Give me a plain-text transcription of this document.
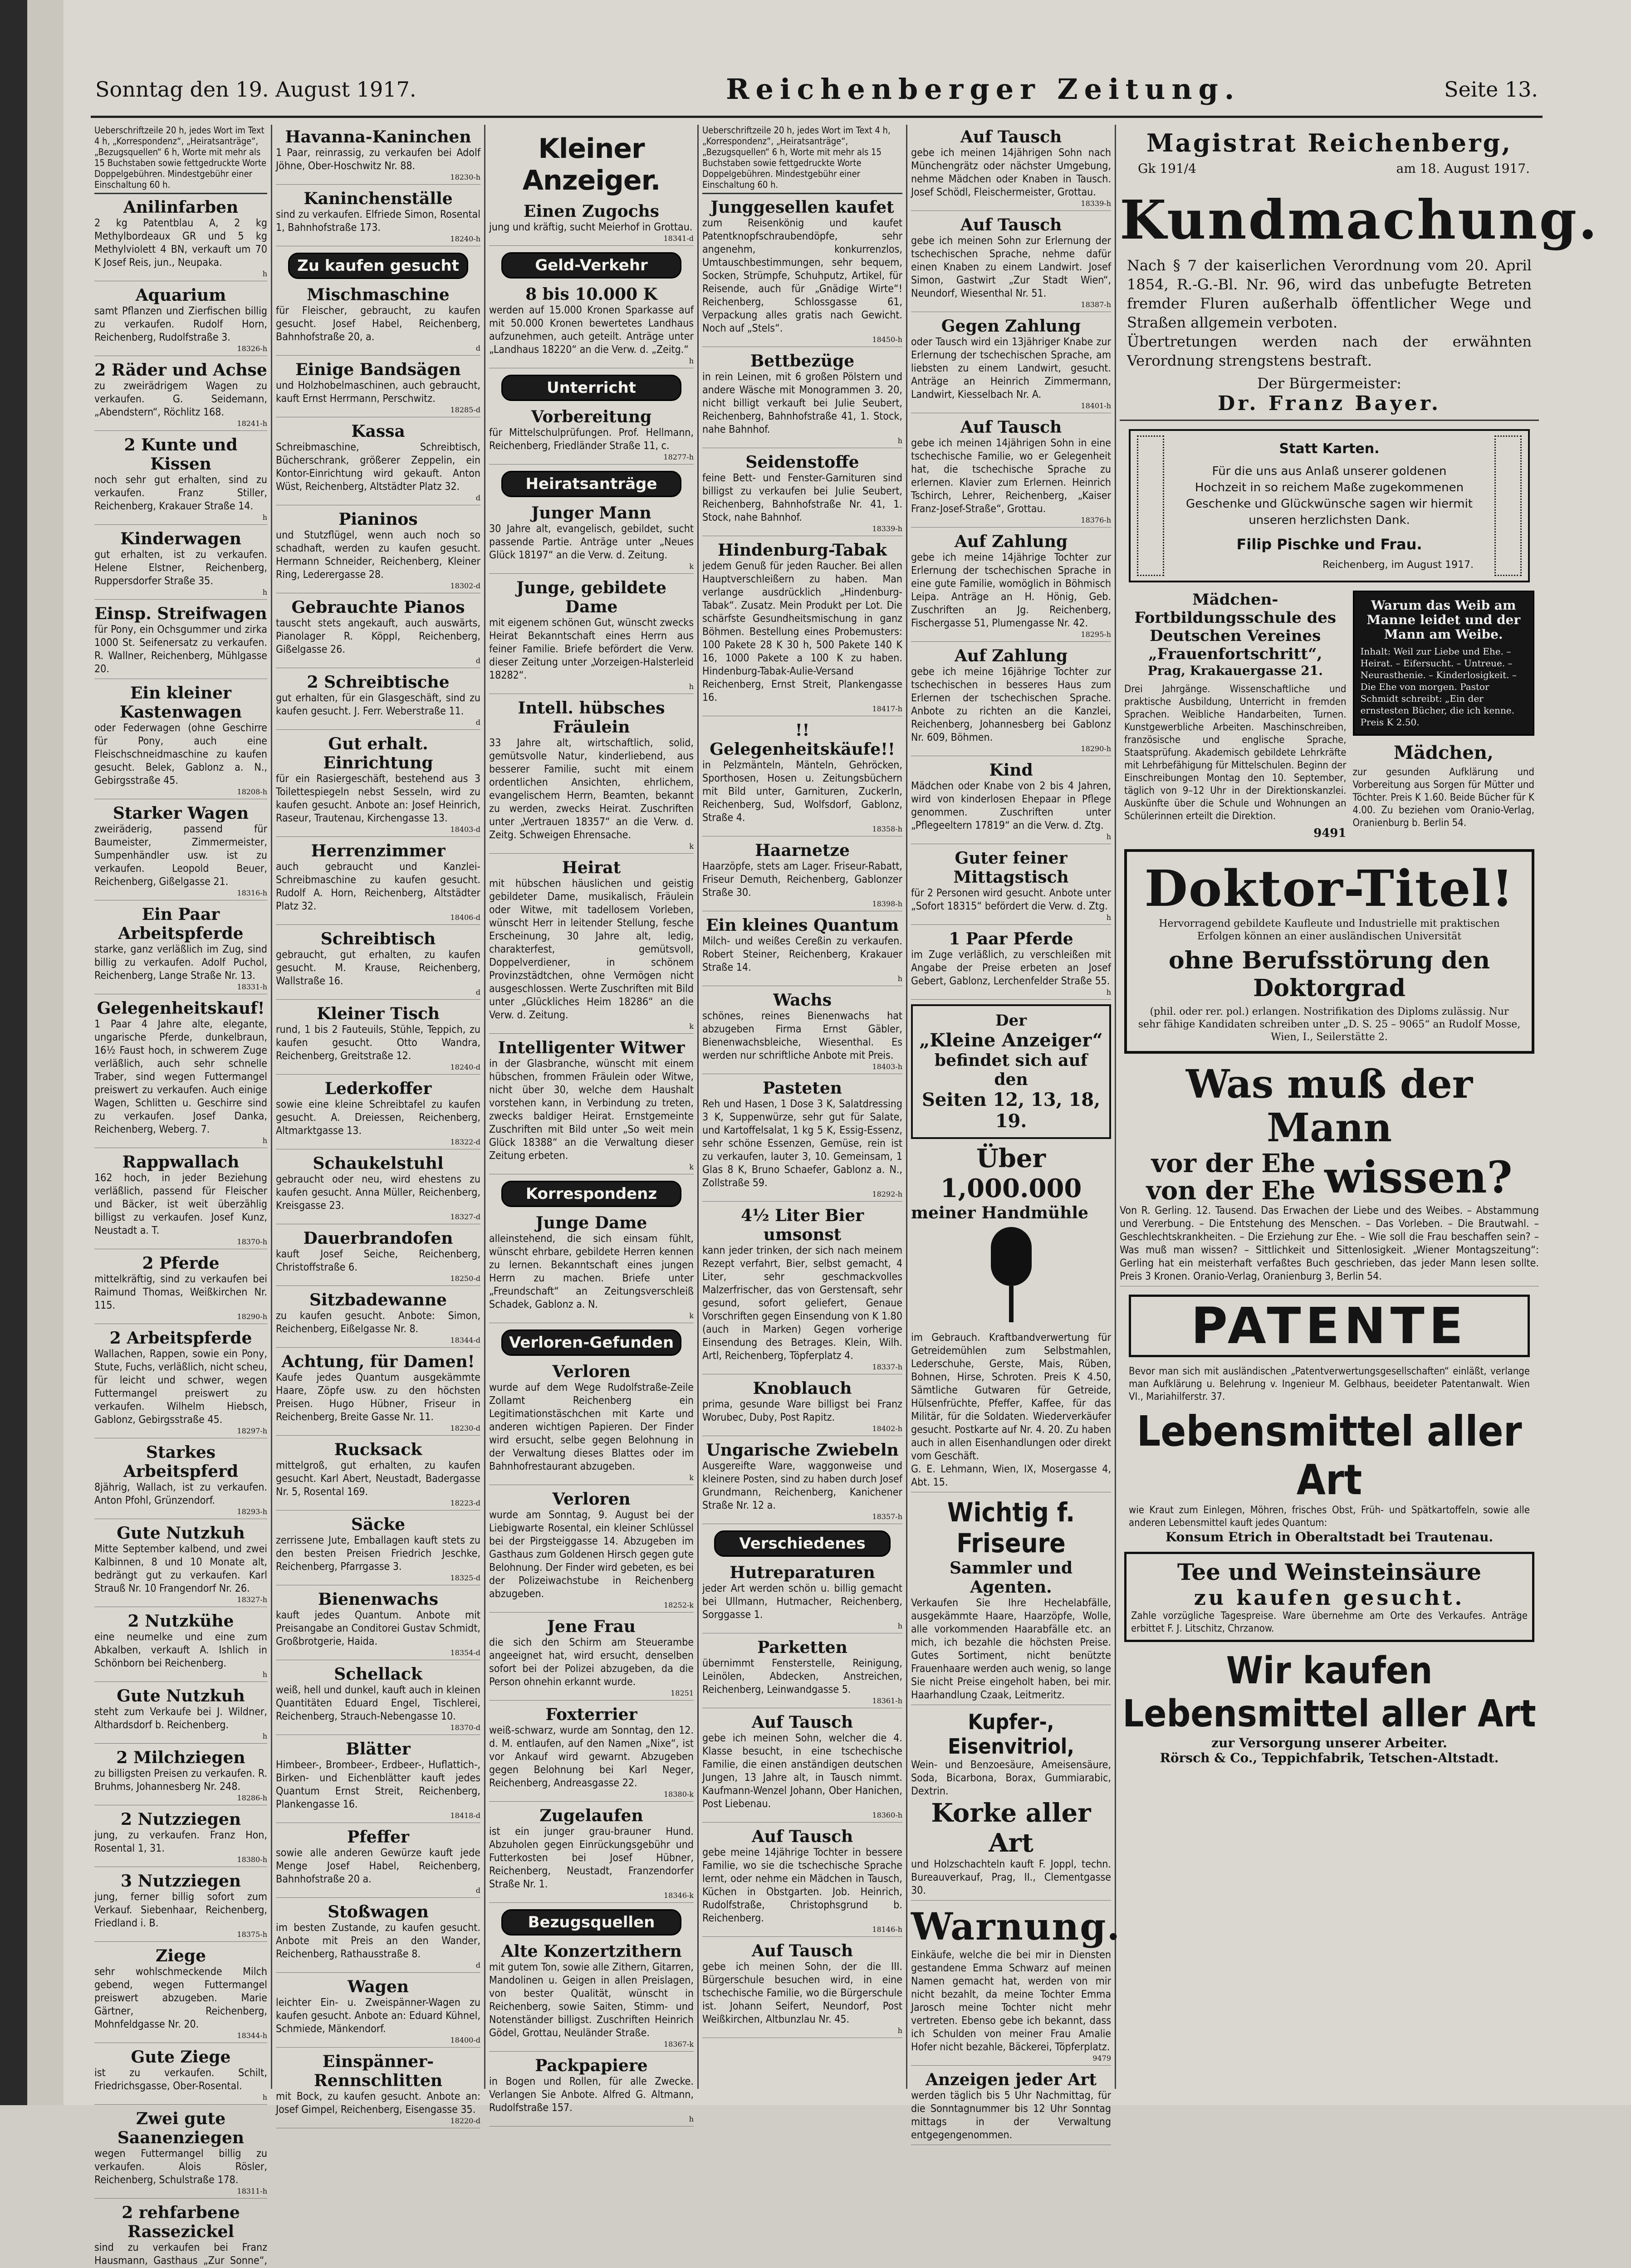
Sonntag den 19. August 1917.	Reichenberger Zeitung.	Seite 13.
Ueberschriftzeile 20 h, jedes Wort im Text 4 h, „Korrespondenz“, „Heiratsanträge“, „Bezugsquellen“ 6 h, Worte mit mehr als 15 Buchstaben sowie fettgedruckte Worte Doppelgebühren. Mindestgebühr einer Einschaltung 60 h.
Anilinfarben

2 kg Patentblau A, 2 kg Methylbordeaux GR und 5 kg Methylviolett 4 BN, verkauft um 70 K Josef Reis, jun., Neupaka.

h
Aquarium

samt Pflanzen und Zierfischen billig zu verkaufen. Rudolf Horn, Reichenberg, Rudolfstraße 3.

18326-h
2 Räder und Achse

zu zweirädrigem Wagen zu verkaufen. G. Seidemann, „Abendstern“, Röchlitz 168.

18241-h
2 Kunte und Kissen

noch sehr gut erhalten, sind zu verkaufen. Franz Stiller, Reichenberg, Krakauer Straße 14.

h
Kinderwagen

gut erhalten, ist zu verkaufen. Helene Elstner, Reichenberg, Ruppersdorfer Straße 35.

h
Einsp. Streifwagen

für Pony, ein Ochsgummer und zirka 1000 St. Seifenersatz zu verkaufen. R. Wallner, Reichenberg, Mühlgasse 20.

Ein kleiner Kastenwagen

oder Federwagen (ohne Geschirre für Pony, auch eine Fleischschneidmaschine zu kaufen gesucht. Belek, Gablonz a. N., Gebirgsstraße 45.

18208-h
Starker Wagen

zweiräderig, passend für Baumeister, Zimmermeister, Sumpenhändler usw. ist zu verkaufen. Leopold Beuer, Reichenberg, Gißelgasse 21.

18316-h
Ein Paar Arbeitspferde

starke, ganz verläßlich im Zug, sind billig zu verkaufen. Adolf Puchol, Reichenberg, Lange Straße Nr. 13.

18331-h
Gelegenheitskauf!

1 Paar 4 Jahre alte, elegante, ungarische Pferde, dunkelbraun, 16½ Faust hoch, in schwerem Zuge verläßlich, auch sehr schnelle Traber, sind wegen Futtermangel preiswert zu verkaufen. Auch einige Wagen, Schlitten u. Geschirre sind zu verkaufen. Josef Danka, Reichenberg, Weberg. 7.

h
Rappwallach

162 hoch, in jeder Beziehung verläßlich, passend für Fleischer und Bäcker, ist weit überzählig billigst zu verkaufen. Josef Kunz, Neustadt a. T.

18370-h
2 Pferde

mittelkräftig, sind zu verkaufen bei Raimund Thomas, Weißkirchen Nr. 115.

18290-h
2 Arbeitspferde

Wallachen, Rappen, sowie ein Pony, Stute, Fuchs, verläßlich, nicht scheu, für leicht und schwer, wegen Futtermangel preiswert zu verkaufen. Wilhelm Hiebsch, Gablonz, Gebirgsstraße 45.

18297-h
Starkes Arbeitspferd

8jährig, Wallach, ist zu verkaufen. Anton Pfohl, Grünzendorf.

18293-h
Gute Nutzkuh

Mitte September kalbend, und zwei Kalbinnen, 8 und 10 Monate alt, bedrängt gut zu verkaufen. Karl Strauß Nr. 10 Frangendorf Nr. 26.

18327-h
2 Nutzkühe

eine neumelke und eine zum Abkalben, verkauft A. Ishlich in Schönborn bei Reichenberg.

h
Gute Nutzkuh

steht zum Verkaufe bei J. Wildner, Althardsdorf b. Reichenberg.

h
2 Milchziegen

zu billigsten Preisen zu verkaufen. R. Bruhms, Johannesberg Nr. 248.

18286-h
2 Nutzziegen

jung, zu verkaufen. Franz Hon, Rosental 1, 31.

18380-h
3 Nutzziegen

jung, ferner billig sofort zum Verkauf. Siebenhaar, Reichenberg, Friedland i. B.

18375-h
Ziege

sehr wohlschmeckende Milch gebend, wegen Futtermangel preiswert abzugeben. Marie Gärtner, Reichenberg, Mohnfeldgasse Nr. 20.

18344-h
Gute Ziege

ist zu verkaufen. Schilt, Friedrichsgasse, Ober-Rosental.

h
Zwei gute Saanenziegen

wegen Futtermangel billig zu verkaufen. Alois Rösler, Reichenberg, Schulstraße 178.

18311-h
2 rehfarbene Rassezickel

sind zu verkaufen bei Franz Hausmann, Gasthaus „Zur Sonne“,

Havanna-Kaninchen

1 Paar, reinrassig, zu verkaufen bei Adolf Jöhne, Ober-Hoschwitz Nr. 88.

18230-h
Kaninchenställe

sind zu verkaufen. Elfriede Simon, Rosental 1, Bahnhofstraße 173.

18240-h
Zu kaufen gesucht
Mischmaschine

für Fleischer, gebraucht, zu kaufen gesucht. Josef Habel, Reichenberg, Bahnhofstraße 20, a.

d
Einige Bandsägen

und Holzhobelmaschinen, auch gebraucht, kauft Ernst Herrmann, Perschwitz.

18285-d
Kassa

Schreibmaschine, Schreibtisch, Bücherschrank, größerer Zeppelin, ein Kontor-Einrichtung wird gekauft. Anton Wüst, Reichenberg, Altstädter Platz 32.

d
Pianinos

und Stutzflügel, wenn auch noch so schadhaft, werden zu kaufen gesucht. Hermann Schneider, Reichenberg, Kleiner Ring, Lederergasse 28.

18302-d
Gebrauchte Pianos

tauscht stets angekauft, auch auswärts, Pianolager R. Köppl, Reichenberg, Gißelgasse 26.

d
2 Schreibtische

gut erhalten, für ein Glasgeschäft, sind zu kaufen gesucht. J. Ferr. Weberstraße 11.

d
Gut erhalt. Einrichtung

für ein Rasiergeschäft, bestehend aus 3 Toilettespiegeln nebst Sesseln, wird zu kaufen gesucht. Anbote an: Josef Heinrich, Raseur, Trautenau, Kirchengasse 13.

18403-d
Herrenzimmer

auch gebraucht und Kanzlei-Schreibmaschine zu kaufen gesucht. Rudolf A. Horn, Reichenberg, Altstädter Platz 32.

18406-d
Schreibtisch

gebraucht, gut erhalten, zu kaufen gesucht. M. Krause, Reichenberg, Wallstraße 16.

d
Kleiner Tisch

rund, 1 bis 2 Fauteuils, Stühle, Teppich, zu kaufen gesucht. Otto Wandra, Reichenberg, Greitstraße 12.

18240-d
Lederkoffer

sowie eine kleine Schreibtafel zu kaufen gesucht. A. Dreiessen, Reichenberg, Altmarktgasse 13.

18322-d
Schaukelstuhl

gebraucht oder neu, wird ehestens zu kaufen gesucht. Anna Müller, Reichenberg, Kreisgasse 23.

18327-d
Dauerbrandofen

kauft Josef Seiche, Reichenberg, Christoffstraße 6.

18250-d
Sitzbadewanne

zu kaufen gesucht. Anbote: Simon, Reichenberg, Eißelgasse Nr. 8.

18344-d
Achtung, für Damen!

Kaufe jedes Quantum ausgekämmte Haare, Zöpfe usw. zu den höchsten Preisen. Hugo Hübner, Friseur in Reichenberg, Breite Gasse Nr. 11.

18230-d
Rucksack

mittelgroß, gut erhalten, zu kaufen gesucht. Karl Abert, Neustadt, Badergasse Nr. 5, Rosental 169.

18223-d
Säcke

zerrissene Jute, Emballagen kauft stets zu den besten Preisen Friedrich Jeschke, Reichenberg, Pfarrgasse 3.

18325-d
Bienenwachs

kauft jedes Quantum. Anbote mit Preisangabe an Conditorei Gustav Schmidt, Großbrotgerie, Haida.

18354-d
Schellack

weiß, hell und dunkel, kauft auch in kleinen Quantitäten Eduard Engel, Tischlerei, Reichenberg, Strauch-Nebengasse 10.

18370-d
Blätter

Himbeer-, Brombeer-, Erdbeer-, Huflattich-, Birken- und Eichenblätter kauft jedes Quantum Ernst Streit, Reichenberg, Plankengasse 16.

18418-d
Pfeffer

sowie alle anderen Gewürze kauft jede Menge Josef Habel, Reichenberg, Bahnhofstraße 20 a.

d
Stoßwagen

im besten Zustande, zu kaufen gesucht. Anbote mit Preis an den Wander, Reichenberg, Rathausstraße 8.

d
Wagen

leichter Ein- u. Zweispänner-Wagen zu kaufen gesucht. Anbote an: Eduard Kühnel, Schmiede, Mänkendorf.

18400-d
Einspänner-Rennschlitten

mit Bock, zu kaufen gesucht. Anbote an: Josef Gimpel, Reichenberg, Eisengasse 35.

18220-d
Kleiner Anzeiger.
Einen Zugochs

jung und kräftig, sucht Meierhof in Grottau.

18341-d
Geld-Verkehr
8 bis 10.000 K

werden auf 15.000 Kronen Sparkasse auf mit 50.000 Kronen bewertetes Landhaus aufzunehmen, auch geteilt. Anträge unter „Landhaus 18220“ an die Verw. d. „Zeitg.“

h
Unterricht
Vorbereitung

für Mittelschulprüfungen. Prof. Hellmann, Reichenberg, Friedländer Straße 11, c.

18277-h
Heiratsanträge
Junger Mann

30 Jahre alt, evangelisch, gebildet, sucht passende Partie. Anträge unter „Neues Glück 18197“ an die Verw. d. Zeitung.

k
Junge, gebildete Dame

mit eigenem schönen Gut, wünscht zwecks Heirat Bekanntschaft eines Herrn aus feiner Familie. Briefe befördert die Verw. dieser Zeitung unter „Vorzeigen-Halsterleid 18282“.

h
Intell. hübsches Fräulein

33 Jahre alt, wirtschaftlich, solid, gemütsvolle Natur, kinderliebend, aus besserer Familie, sucht mit einem ordentlichen Ansichten, ehrlichem, evangelischem Herrn, Beamten, bekannt zu werden, zwecks Heirat. Zuschriften unter „Vertrauen 18357“ an die Verw. d. Zeitg. Schweigen Ehrensache.

k
Heirat

mit hübschen häuslichen und geistig gebildeter Dame, musikalisch, Fräulein oder Witwe, mit tadellosem Vorleben, wünscht Herr in leitender Stellung, fesche Erscheinung, 30 Jahre alt, ledig, charakterfest, gemütsvoll, Doppelverdiener, in schönem Provinzstädtchen, ohne Vermögen nicht ausgeschlossen. Werte Zuschriften mit Bild unter „Glückliches Heim 18286“ an die Verw. d. Zeitung.

k
Intelligenter Witwer

in der Glasbranche, wünscht mit einem hübschen, frommen Fräulein oder Witwe, nicht über 30, welche dem Haushalt vorstehen kann, in Verbindung zu treten, zwecks baldiger Heirat. Ernstgemeinte Zuschriften mit Bild unter „So weit mein Glück 18388“ an die Verwaltung dieser Zeitung erbeten.

k
Korrespondenz
Junge Dame

alleinstehend, die sich einsam fühlt, wünscht ehrbare, gebildete Herren kennen zu lernen. Bekanntschaft eines jungen Herrn zu machen. Briefe unter „Freundschaft“ an Zeitungsverschleiß Schadek, Gablonz a. N.

k
Verloren-Gefunden
Verloren

wurde auf dem Wege Rudolfstraße-Zeile Zollamt Reichenberg ein Legitimationstäschchen mit Karte und anderen wichtigen Papieren. Der Finder wird ersucht, selbe gegen Belohnung in der Verwaltung dieses Blattes oder im Bahnhofrestaurant abzugeben.

k
Verloren

wurde am Sonntag, 9. August bei der Liebigwarte Rosental, ein kleiner Schlüssel bei der Pirgsteiggasse 14. Abzugeben im Gasthaus zum Goldenen Hirsch gegen gute Belohnung. Der Finder wird gebeten, es bei der Polizeiwachstube in Reichenberg abzugeben.

18252-k
Jene Frau

die sich den Schirm am Steuerambe angeeignet hat, wird ersucht, denselben sofort bei der Polizei abzugeben, da die Person ohnehin erkannt wurde.

18251
Foxterrier

weiß-schwarz, wurde am Sonntag, den 12. d. M. entlaufen, auf den Namen „Nixe“, ist vor Ankauf wird gewarnt. Abzugeben gegen Belohnung bei Karl Neger, Reichenberg, Andreasgasse 22.

18380-k
Zugelaufen

ist ein junger grau-brauner Hund. Abzuholen gegen Einrückungsgebühr und Futterkosten bei Josef Hübner, Reichenberg, Neustadt, Franzendorfer Straße Nr. 1.

18346-k
Bezugsquellen
Alte Konzertzithern

mit gutem Ton, sowie alle Zithern, Gitarren, Mandolinen u. Geigen in allen Preislagen, von bester Qualität, wünscht in Reichenberg, sowie Saiten, Stimm- und Notenständer billigst. Zuschriften Heinrich Gödel, Grottau, Neuländer Straße.

18367-k
Packpapiere

in Bogen und Rollen, für alle Zwecke. Verlangen Sie Anbote. Alfred G. Altmann, Rudolfstraße 157.

h
Ueberschriftzeile 20 h, jedes Wort im Text 4 h, „Korrespondenz“, „Heiratsanträge“, „Bezugsquellen“ 6 h, Worte mit mehr als 15 Buchstaben sowie fettgedruckte Worte Doppelgebühren. Mindestgebühr einer Einschaltung 60 h.
Junggesellen kaufet

zum Reisenkönig und kaufet Patentknopfschraubendöpfe, sehr angenehm, konkurrenzlos, Umtauschbestimmungen, sehr bequem, Socken, Strümpfe, Schuhputz, Artikel, für Reisende, auch für „Gnädige Wirte“! Reichenberg, Schlossgasse 61, Verpackung alles gratis nach Gewicht. Noch auf „Stels“.

18450-h
Bettbezüge

in rein Leinen, mit 6 großen Pölstern und andere Wäsche mit Monogrammen 3. 20, nicht billigt verkauft bei Julie Seubert, Reichenberg, Bahnhofstraße 41, 1. Stock, nahe Bahnhof.

h
Seidenstoffe

feine Bett- und Fenster-Garnituren sind billigst zu verkaufen bei Julie Seubert, Reichenberg, Bahnhofstraße Nr. 41, 1. Stock, nahe Bahnhof.

18339-h
Hindenburg-Tabak

jedem Genuß für jeden Raucher. Bei allen Hauptverschleißern zu haben. Man verlange ausdrücklich „Hindenburg-Tabak“. Zusatz. Mein Produkt per Lot. Die schärfste Gesundheitsmischung in ganz Böhmen. Bestellung eines Probemusters: 100 Pakete 28 K 30 h, 500 Pakete 140 K 16, 1000 Pakete a 100 K zu haben. Hindenburg-Tabak-Aulie-Versand Reichenberg, Ernst Streit, Plankengasse 16.

18417-h
!! Gelegenheitskäufe!!

in Pelzmänteln, Mänteln, Gehröcken, Sporthosen, Hosen u. Zeitungsbüchern mit Bild unter, Garnituren, Zuckerln, Reichenberg, Sud, Wolfsdorf, Gablonz, Straße 4.

18358-h
Haarnetze

Haarzöpfe, stets am Lager. Friseur-Rabatt, Friseur Demuth, Reichenberg, Gablonzer Straße 30.

18398-h
Ein kleines Quantum

Milch- und weißes Cereßin zu verkaufen. Robert Steiner, Reichenberg, Krakauer Straße 14.

h
Wachs

schönes, reines Bienenwachs hat abzugeben Firma Ernst Gäbler, Bienenwachsbleiche, Wiesenthal. Es werden nur schriftliche Anbote mit Preis.

18403-h
Pasteten

Reh und Hasen, 1 Dose 3 K, Salatdressing 3 K, Suppenwürze, sehr gut für Salate, und Kartoffelsalat, 1 kg 5 K, Essig-Essenz, sehr schöne Essenzen, Gemüse, rein ist zu verkaufen, lauter 3, 10. Gemeinsam, 1 Glas 8 K, Bruno Schaefer, Gablonz a. N., Zollstraße 59.

18292-h
4½ Liter Bier umsonst

kann jeder trinken, der sich nach meinem Rezept verfahrt, Bier, selbst gemacht, 4 Liter, sehr geschmackvolles Malzerfrischer, das von Gerstensaft, sehr gesund, sofort geliefert, Genaue Vorschriften gegen Einsendung von K 1.80 (auch in Marken) Gegen vorherige Einsendung des Betrages. Klein, Wilh. Artl, Reichenberg, Töpferplatz 4.

18337-h
Knoblauch

prima, gesunde Ware billigst bei Franz Worubec, Duby, Post Rapitz.

18402-h
Ungarische Zwiebeln

Ausgereifte Ware, waggonweise und kleinere Posten, sind zu haben durch Josef Grundmann, Reichenberg, Kanichener Straße Nr. 12 a.

18357-h
Verschiedenes
Hutreparaturen

jeder Art werden schön u. billig gemacht bei Ullmann, Hutmacher, Reichenberg, Sorggasse 1.

h
Parketten

übernimmt Fensterstelle, Reinigung, Leinölen, Abdecken, Anstreichen, Reichenberg, Leinwandgasse 5.

18361-h
Auf Tausch

gebe ich meinen Sohn, welcher die 4. Klasse besucht, in eine tschechische Familie, die einen anständigen deutschen Jungen, 13 Jahre alt, in Tausch nimmt. Kaufmann-Wenzel Johann, Ober Hanichen, Post Liebenau.

18360-h
Auf Tausch

gebe meine 14jährige Tochter in bessere Familie, wo sie die tschechische Sprache lernt, oder nehme ein Mädchen in Tausch, Küchen in Obstgarten. Job. Heinrich, Rudolfstraße, Christophsgrund b. Reichenberg.

18146-h
Auf Tausch

gebe ich meinen Sohn, der die III. Bürgerschule besuchen wird, in eine tschechische Familie, wo die Bürgerschule ist. Johann Seifert, Neundorf, Post Weißkirchen, Altbunzlau Nr. 45.

h
Auf Tausch

gebe ich meinen 14jährigen Sohn nach Münchengrätz oder nächster Umgebung, nehme Mädchen oder Knaben in Tausch. Josef Schödl, Fleischermeister, Grottau.

18339-h
Auf Tausch

gebe ich meinen Sohn zur Erlernung der tschechischen Sprache, nehme dafür einen Knaben zu einem Landwirt. Josef Simon, Gastwirt „Zur Stadt Wien“, Neundorf, Wiesenthal Nr. 51.

18387-h
Gegen Zahlung

oder Tausch wird ein 13jähriger Knabe zur Erlernung der tschechischen Sprache, am liebsten zu einem Landwirt, gesucht. Anträge an Heinrich Zimmermann, Landwirt, Kiesselbach Nr. A.

18401-h
Auf Tausch

gebe ich meinen 14jährigen Sohn in eine tschechische Familie, wo er Gelegenheit hat, die tschechische Sprache zu erlernen. Klavier zum Erlernen. Heinrich Tschirch, Lehrer, Reichenberg, „Kaiser Franz-Josef-Straße“, Grottau.

18376-h
Auf Zahlung

gebe ich meine 14jährige Tochter zur Erlernung der tschechischen Sprache in eine gute Familie, womöglich in Böhmisch Leipa. Anträge an H. Hönig, Geb. Zuschriften an Jg. Reichenberg, Fischergasse 51, Plumengasse Nr. 42.

18295-h
Auf Zahlung

gebe ich meine 16jährige Tochter zur tschechischen in besseres Haus zum Erlernen der tschechischen Sprache. Anbote zu richten an die Kanzlei, Reichenberg, Johannesberg bei Gablonz Nr. 609, Böhmen.

18290-h
Kind

Mädchen oder Knabe von 2 bis 4 Jahren, wird von kinderlosen Ehepaar in Pflege genommen. Zuschriften unter „Pflegeeltern 17819“ an die Verw. d. Ztg.

h
Guter feiner Mittagstisch

für 2 Personen wird gesucht. Anbote unter „Sofort 18315“ befördert die Verw. d. Ztg.

h
1 Paar Pferde

im Zuge verläßlich, zu verschleißen mit Angabe der Preise erbeten an Josef Gebert, Gablonz, Lerchenfelder Straße 55.

h
Der
„Kleine Anzeiger“
befindet sich auf den
Seiten 12, 13, 18, 19.
Über 1,000.000
meiner Handmühle

im Gebrauch. Kraftbandverwertung für Getreidemühlen zum Selbstmahlen, Lederschuhe, Gerste, Mais, Rüben, Bohnen, Hirse, Schroten. Preis K 4.50, Sämtliche Gutwaren für Getreide, Hülsenfrüchte, Pfeffer, Kaffee, für das Militär, für die Soldaten. Wiederverkäufer gesucht. Postkarte auf Nr. 4. 20. Zu haben auch in allen Eisenhandlungen oder direkt vom Geschäft.

G. E. Lehmann, Wien, IX, Mosergasse 4, Abt. 15.

Wichtig f. Friseure
Sammler und Agenten.

Verkaufen Sie Ihre Hechelabfälle, ausgekämmte Haare, Haarzöpfe, Wolle, alle vorkommenden Haarabfälle etc. an mich, ich bezahle die höchsten Preise. Gutes Sortiment, nicht benützte Frauenhaare werden auch wenig, so lange Sie nicht Preise eingeholt haben, bei mir. Haarhandlung Czaak, Leitmeritz.

Kupfer-, Eisenvitriol,

Wein- und Benzoesäure, Ameisensäure, Soda, Bicarbona, Borax, Gummiarabic, Dextrin.

Korke aller Art

und Holzschachteln kauft F. Joppl, techn. Bureauverkauf, Prag, II., Clementgasse 30.

Warnung.

Einkäufe, welche die bei mir in Diensten gestandene Emma Schwarz auf meinen Namen gemacht hat, werden von mir nicht bezahlt, da meine Tochter Emma Jarosch meine Tochter nicht mehr vertreten. Ebenso gebe ich bekannt, dass ich Schulden von meiner Frau Amalie Hofer nicht bezahle, Bäckerei, Töpferplatz.

9479
Anzeigen jeder Art

werden täglich bis 5 Uhr Nachmittag, für die Sonntagnummer bis 12 Uhr Sonntag mittags in der Verwaltung entgegengenommen.

Magistrat Reichenberg,
Gk 191/4	am 18. August 1917.
Kundmachung.

Nach § 7 der kaiserlichen Verordnung vom 20. April 1854, R.-G.-Bl. Nr. 96, wird das unbefugte Betreten fremder Fluren außerhalb öffentlicher Wege und Straßen allgemein verboten.

Übertretungen werden nach der erwähnten Verordnung strengstens bestraft.

Der Bürgermeister:
Dr. Franz Bayer.
Statt Karten.
Für die uns aus Anlaß unserer goldenen Hochzeit in so reichem Maße zugekommenen Geschenke und Glückwünsche sagen wir hiermit unseren herzlichsten Dank.
Filip Pischke und Frau.
Reichenberg, im August 1917.
Mädchen-Fortbildungsschule des Deutschen Vereines „Frauenfortschritt“,
Prag, Krakauergasse 21.
Drei Jahrgänge. Wissenschaftliche und praktische Ausbildung, Unterricht in fremden Sprachen. Weibliche Handarbeiten, Turnen. Kunstgewerbliche Arbeiten. Maschinschreiben, französische und englische Sprache, Staatsprüfung. Akademisch gebildete Lehrkräfte mit Lehrbefähigung für Mittelschulen. Beginn der Einschreibungen Montag den 10. September, täglich von 9–12 Uhr in der Direktionskanzlei. Auskünfte über die Schule und Wohnungen an Schülerinnen erteilt die Direktion.
9491
Warum das Weib am Manne leidet und der Mann am Weibe.
Inhalt: Weil zur Liebe und Ehe. – Heirat. – Eifersucht. – Untreue. – Neurasthenie. – Kinderlosigkeit. – Die Ehe von morgen. Pastor Schmidt schreibt: „Ein der ernstesten Bücher, die ich kenne. Preis K 2.50.
Mädchen,
zur gesunden Aufklärung und Vorbereitung aus Sorgen für Mütter und Töchter. Preis K 1.60. Beide Bücher für K 4.00. Zu beziehen vom Oranio-Verlag, Oranienburg b. Berlin 54.
Doktor-Titel!
Hervorragend gebildete Kaufleute und Industrielle mit praktischen Erfolgen können an einer ausländischen Universität
ohne Berufsstörung den Doktorgrad
(phil. oder rer. pol.) erlangen. Nostrifikation des Diploms zulässig. Nur sehr fähige Kandidaten schreiben unter „D. S. 25 – 9065“ an Rudolf Mosse, Wien, I., Seilerstätte 2.
Was muß der Mann
vor der Ehe
von der Ehe wissen?

Von R. Gerling. 12. Tausend. Das Erwachen der Liebe und des Weibes. – Abstammung und Vererbung. – Die Entstehung des Menschen. – Das Vorleben. – Die Brautwahl. – Geschlechtskrankheiten. – Die Erziehung zur Ehe. – Wie soll die Frau beschaffen sein? – Was muß man wissen? – Sittlichkeit und Sittenlosigkeit. „Wiener Montagszeitung“: Gerling hat ein meisterhaft verfaßtes Buch geschrieben, das jeder Mann lesen sollte. Preis 3 Kronen. Oranio-Verlag, Oranienburg 3, Berlin 54.

PATENTE

Bevor man sich mit ausländischen „Patentverwertungsgesellschaften“ einläßt, verlange man Aufklärung u. Belehrung v. Ingenieur M. Gelbhaus, beeideter Patentanwalt. Wien VI., Mariahilferstr. 37.

Lebensmittel aller Art

wie Kraut zum Einlegen, Möhren, frisches Obst, Früh- und Spätkartoffeln, sowie alle anderen Lebensmittel kauft jedes Quantum:

Konsum Etrich in Oberaltstadt bei Trautenau.
Tee und Weinsteinsäure
zu kaufen gesucht.
Zahle vorzügliche Tagespreise. Ware übernehme am Orte des Verkaufes. Anträge erbittet F. J. Litschitz, Chrzanow.
Wir kaufen Lebensmittel aller Art
zur Versorgung unserer Arbeiter.
Rörsch & Co., Teppichfabrik, Tetschen-Altstadt.
